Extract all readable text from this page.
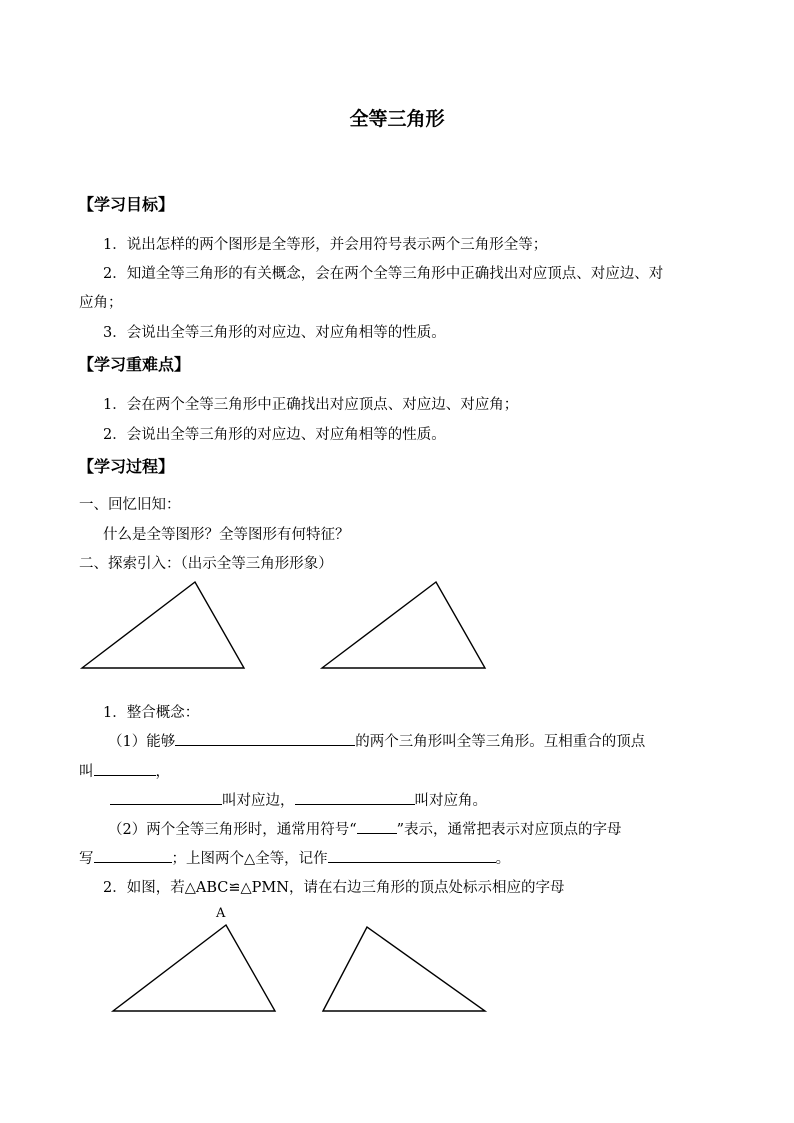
全等三角形
【学习目标】
1．说出怎样的两个图形是全等形，并会用符号表示两个三角形全等；
2．知道全等三角形的有关概念，会在两个全等三角形中正确找出对应顶点、对应边、对
应角；
3．会说出全等三角形的对应边、对应角相等的性质。
【学习重难点】
1．会在两个全等三角形中正确找出对应顶点、对应边、对应角；
2．会说出全等三角形的对应边、对应角相等的性质。
【学习过程】
一、回忆旧知：
什么是全等图形？全等图形有何特征？
二、探索引入：（出示全等三角形形象）
1．整合概念：
（1）能够	的两个三角形叫全等三角形。互相重合的顶点
叫	，
叫对应边，	叫对应角。
（2）两个全等三角形时，通常用符号“	”表示，通常把表示对应顶点的字母
写	；上图两个△全等，记作	。
2．如图，若△ABC≌△PMN，请在右边三角形的顶点处标示相应的字母
A
